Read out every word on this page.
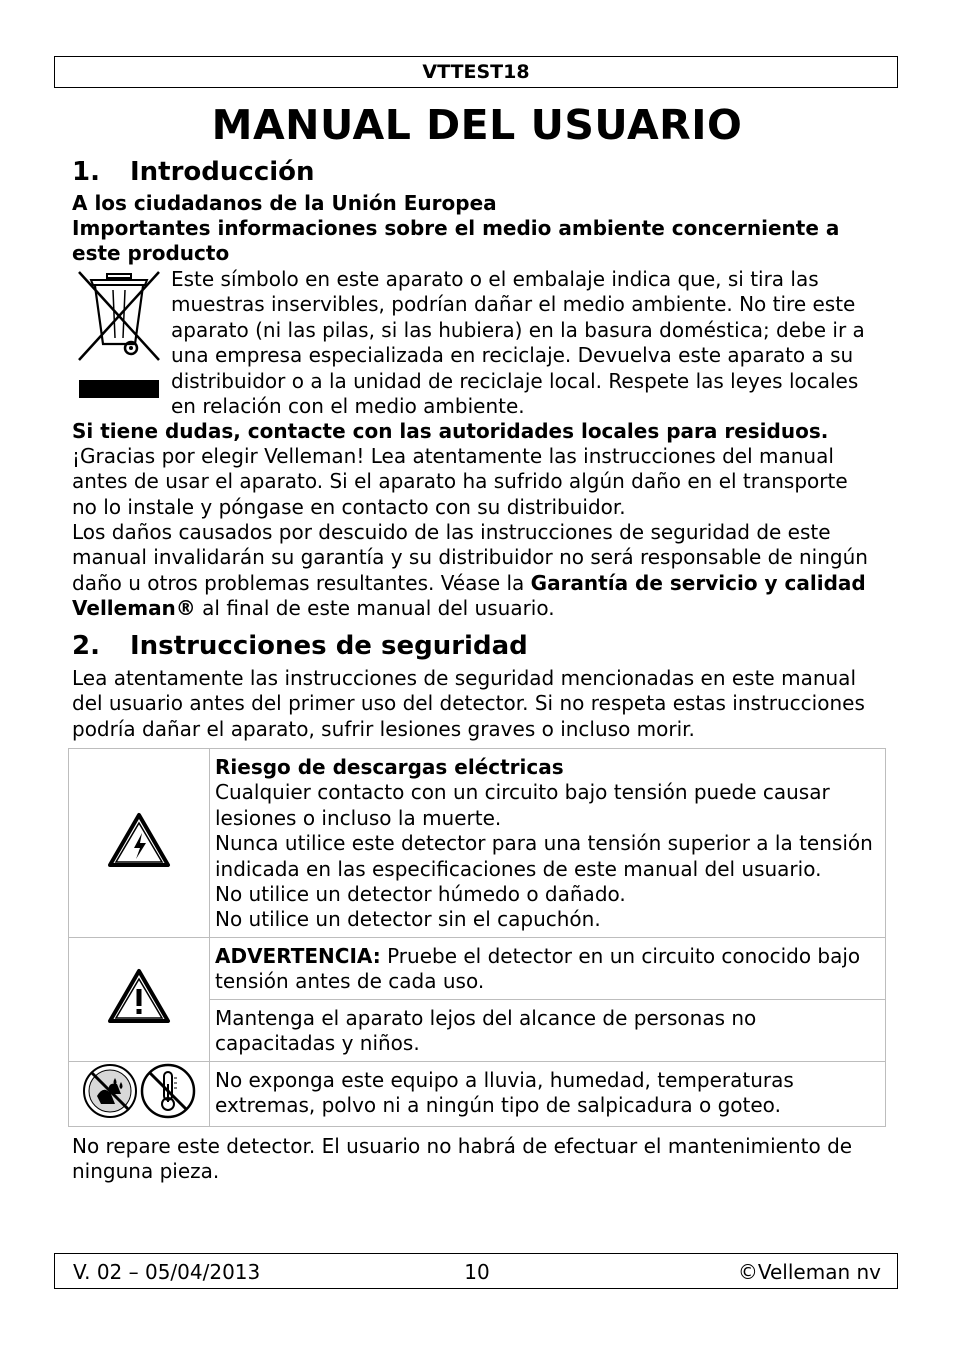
VTTEST18
MANUAL DEL USUARIO
1. Introducción

A los ciudadanos de la Unión Europea

Importantes informaciones sobre el medio ambiente concerniente a este producto

Este símbolo en este aparato o el embalaje indica que, si tira las muestras inservibles, podrían dañar el medio ambiente. No tire este aparato (ni las pilas, si las hubiera) en la basura doméstica; debe ir a una empresa especializada en reciclaje. Devuelva este aparato a su distribuidor o a la unidad de reciclaje local. Respete las leyes locales en relación con el medio ambiente.

Si tiene dudas, contacte con las autoridades locales para residuos.

¡Gracias por elegir Velleman! Lea atentamente las instrucciones del manual antes de usar el aparato. Si el aparato ha sufrido algún daño en el transporte no lo instale y póngase en contacto con su distribuidor.

Los daños causados por descuido de las instrucciones de seguridad de este manual invalidarán su garantía y su distribuidor no será responsable de ningún daño u otros problemas resultantes. Véase la Garantía de servicio y calidad Velleman® al final de este manual del usuario.

2. Instrucciones de seguridad

Lea atentamente las instrucciones de seguridad mencionadas en este manual del usuario antes del primer uso del detector. Si no respeta estas instrucciones podría dañar el aparato, sufrir lesiones graves o incluso morir.

Riesgo de descargas eléctricas
Cualquier contacto con un circuito bajo tensión puede causar lesiones o incluso la muerte.
Nunca utilice este detector para una tensión superior a la tensión indicada en las especificaciones de este manual del usuario.
No utilice un detector húmedo o dañado.
No utilice un detector sin el capuchón.

	ADVERTENCIA: Pruebe el detector en un circuito conocido bajo tensión antes de cada uso.
	Mantenga el aparato lejos del alcance de personas no capacitadas y niños.
	No exponga este equipo a lluvia, humedad, temperaturas extremas, polvo ni a ningún tipo de salpicadura o goteo.

No repare este detector. El usuario no habrá de efectuar el mantenimiento de ninguna pieza.

V. 02 – 05/04/2013	10	©Velleman nv
